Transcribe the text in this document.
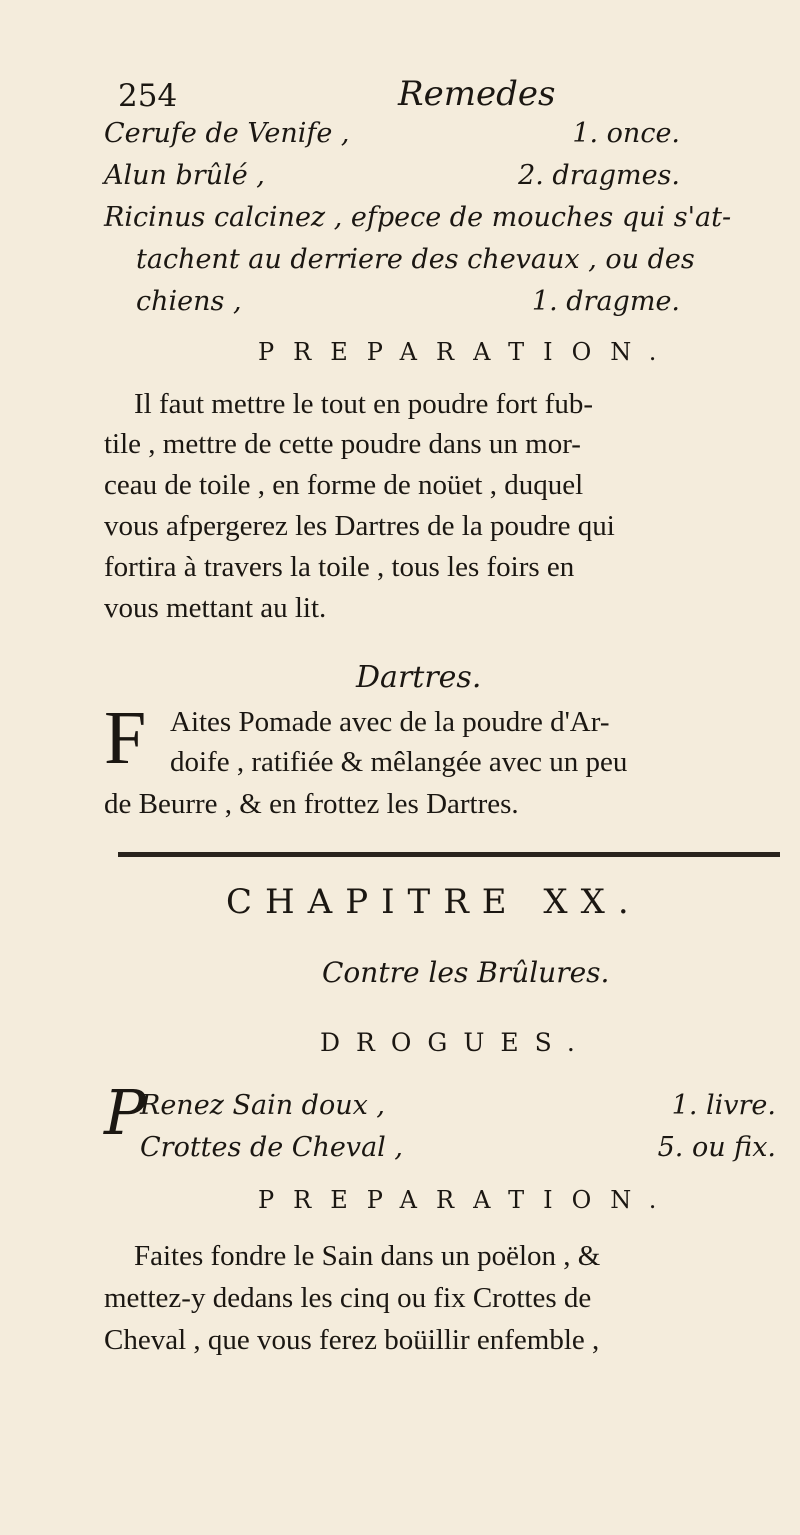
254	Remedes
Cerufe de Venife ,	1. once.
Alun brûlé ,	2. dragmes.
Ricinus calcinez , efpece de mouches qui s'at-
tachent au derriere des chevaux , ou des
chiens ,	1. dragme.
PREPARATION.
Il faut mettre le tout en poudre fort fub-
tile , mettre de cette poudre dans un mor-
ceau de toile , en forme de noüet , duquel
vous afpergerez les Dartres de la poudre qui
fortira à travers la toile , tous les foirs en
vous mettant au lit.
Dartres.
F Aites Pomade avec de la poudre d'Ar-
doife , ratifiée & mêlangée avec un peu
de Beurre , & en frottez les Dartres.
CHAPITRE XX.
Contre les Brûlures.
DROGUES.
P
Renez Sain doux ,	1. livre.
Crottes de Cheval ,	5. ou fix.
PREPARATION.
Faites fondre le Sain dans un poëlon , &
mettez-y dedans les cinq ou fix Crottes de
Cheval , que vous ferez boüillir enfemble ,
